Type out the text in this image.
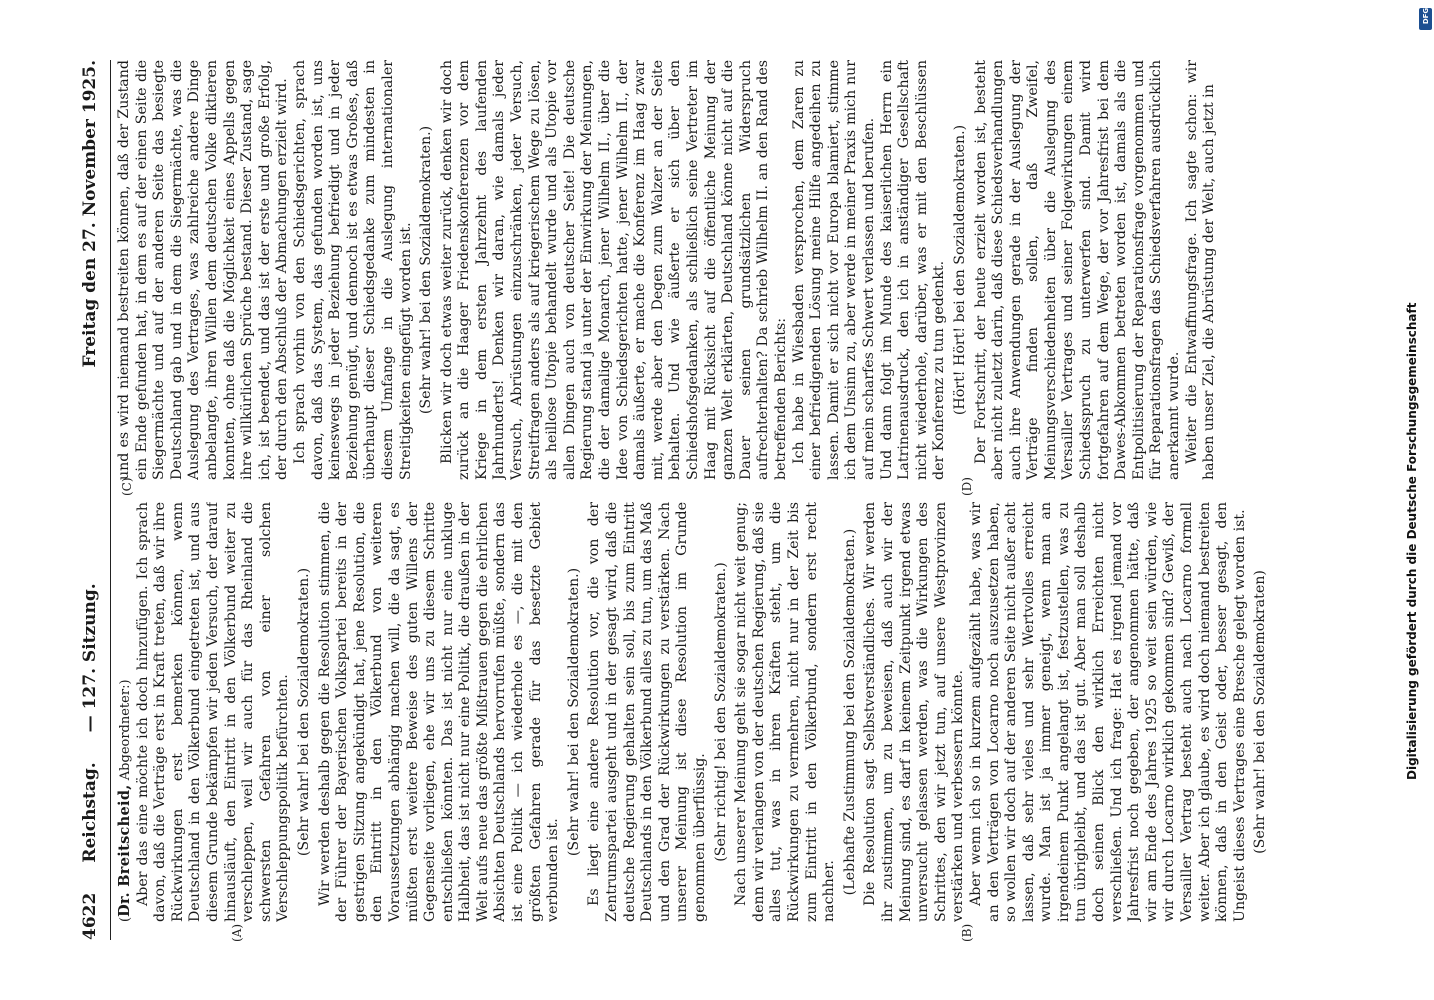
4622
Reichstag.
— 127. Sitzung.
Freitag den 27. November 1925.
(A)	(B)
(C)	(D)

(Dr. Breitscheid, Abgeordneter:) Aber das eine möchte ich doch hinzufügen. Ich sprach davon, daß die Verträge erst in Kraft treten, daß wir ihre Rückwirkungen erst bemerken können, wenn Deutschland in den Völkerbund eingetreten ist, und aus diesem Grunde bekämpfen wir jeden Versuch, der darauf hinausläuft, den Eintritt in den Völkerbund weiter zu verschleppen, weil wir auch für das Rheinland die schwersten Gefahren von einer solchen Verschleppungspolitik befürchten. (Sehr wahr! bei den Sozialdemokraten.) Wir werden deshalb gegen die Resolution stimmen, die der Führer der Bayerischen Volkspartei bereits in der gestrigen Sitzung angekündigt hat, jene Resolution, die den Eintritt in den Völkerbund von weiteren Voraussetzungen abhängig machen will, die da sagt, es müßten erst weitere Beweise des guten Willens der Gegenseite vorliegen, ehe wir uns zu diesem Schritte entschließen könnten. Das ist nicht nur eine unkluge Halbheit, das ist nicht nur eine Politik, die draußen in der Welt aufs neue das größte Mißtrauen gegen die ehrlichen Absichten Deutschlands hervorrufen müßte, sondern das ist eine Politik — ich wiederhole es —, die mit den größten Gefahren gerade für das besetzte Gebiet verbunden ist.

(Sehr wahr! bei den Sozialdemokraten.) Es liegt eine andere Resolution vor, die von der Zentrumspartei ausgeht und in der gesagt wird, daß die deutsche Regierung gehalten sein soll, bis zum Eintritt Deutschlands in den Völkerbund alles zu tun, um das Maß und den Grad der Rückwirkungen zu verstärken. Nach unserer Meinung ist diese Resolution im Grunde genommen überflüssig. (Sehr richtig! bei den Sozialdemokraten.) Nach unserer Meinung geht sie sogar nicht weit genug; denn wir verlangen von der deutschen Regierung, daß sie alles tut, was in ihren Kräften steht, um die Rückwirkungen zu vermehren, nicht nur in der Zeit bis zum Eintritt in den Völkerbund, sondern erst recht nachher. (Lebhafte Zustimmung bei den Sozialdemokraten.) Die Resolution sagt Selbstverständliches. Wir werden ihr zustimmen, um zu beweisen, daß auch wir der Meinung sind, es darf in keinem Zeitpunkt irgend etwas unversucht gelassen werden, was die Wirkungen des Schrittes, den wir jetzt tun, auf unsere Westprovinzen verstärken und verbessern könnte. Aber wenn ich so in kurzem aufgezählt habe, was wir an den Verträgen von Locarno noch auszusetzen haben, so wollen wir doch auf der anderen Seite nicht außer acht lassen, daß sehr vieles und sehr Wertvolles erreicht wurde. Man ist ja immer geneigt, wenn man an irgendeinem Punkt angelangt ist, festzustellen, was zu tun übrigbleibt, und das ist gut. Aber man soll deshalb doch seinen Blick den wirklich Erreichten nicht verschließen. Und ich frage: Hat es irgend jemand vor Jahresfrist noch gegeben, der angenommen hätte, daß wir am Ende des Jahres 1925 so weit sein würden, wie wir durch Locarno wirklich gekommen sind? Gewiß, der Versailler Vertrag besteht auch nach Locarno formell weiter. Aber ich glaube, es wird doch niemand bestreiten können, daß in den Geist oder, besser gesagt, den Ungeist dieses Vertrages eine Bresche gelegt worden ist. (Sehr wahr! bei den Sozialdemokraten)

und es wird niemand bestreiten können, daß der Zustand ein Ende gefunden hat, in dem es auf der einen Seite die Siegermächte und auf der anderen Seite das besiegte Deutschland gab und in dem die Siegermächte, was die Auslegung des Vertrages, was zahlreiche andere Dinge anbelangte, ihren Willen dem deutschen Volke diktieren konnten, ohne daß die Möglichkeit eines Appells gegen ihre willkürlichen Sprüche bestand. Dieser Zustand, sage ich, ist beendet, und das ist der erste und große Erfolg, der durch den Abschluß der Abmachungen erzielt wird. Ich sprach vorhin von den Schiedsgerichten, sprach davon, daß das System, das gefunden worden ist, uns keineswegs in jeder Beziehung befriedigt und in jeder Beziehung genügt, und dennoch ist es etwas Großes, daß überhaupt dieser Schiedsgedanke zum mindesten in diesem Umfange in die Auslegung internationaler Streitigkeiten eingefügt worden ist. (Sehr wahr! bei den Sozialdemokraten.) Blicken wir doch etwas weiter zurück, denken wir doch zurück an die Haager Friedenskonferenzen vor dem Kriege in dem ersten Jahrzehnt des laufenden Jahrhunderts! Denken wir daran, wie damals jeder Versuch, Abrüstungen einzuschränken, jeder Versuch, Streitfragen anders als auf kriegerischem Wege zu lösen, als heillose Utopie behandelt wurde und als Utopie vor allen Dingen auch von deutscher Seite! Die deutsche Regierung stand ja unter der Einwirkung der Meinungen, die der damalige Monarch, jener Wilhelm II., über die Idee von Schiedsgerichten hatte, jener Wilhelm II., der damals äußerte, er mache die Konferenz im Haag zwar mit, werde aber den Degen zum Walzer an der Seite behalten. Und wie äußerte er sich über den Schiedshofsgedanken, als schließlich seine Vertreter im Haag mit Rücksicht auf die öffentliche Meinung der ganzen Welt erklärten, Deutschland könne nicht auf die Dauer seinen grundsätzlichen Widerspruch aufrechterhalten? Da schrieb Wilhelm II. an den Rand des betreffenden Berichts: Ich habe in Wiesbaden versprochen, dem Zaren zu einer befriedigenden Lösung meine Hilfe angedeihen zu lassen. Damit er sich nicht vor Europa blamiert, stimme ich dem Unsinn zu, aber werde in meiner Praxis mich nur auf mein scharfes Schwert verlassen und berufen. Und dann folgt im Munde des kaiserlichen Herrn ein Latrinenausdruck, den ich in anständiger Gesellschaft nicht wiederhole, darüber, was er mit den Beschlüssen der Konferenz zu tun gedenkt. (Hört! Hört! bei den Sozialdemokraten.) Der Fortschritt, der heute erzielt worden ist, besteht aber nicht zuletzt darin, daß diese Schiedsverhandlungen auch ihre Anwendungen gerade in der Auslegung der Verträge finden sollen, daß Zweifel, Meinungsverschiedenheiten über die Auslegung des Versailler Vertrages und seiner Folgewirkungen einem Schiedsspruch zu unterwerfen sind. Damit wird fortgefahren auf dem Wege, der vor Jahresfrist bei dem Dawes-Abkommen betreten worden ist, damals als die Entpolitisierung der Reparationsfrage vorgenommen und für Reparationsfragen das Schiedsverfahren ausdrücklich anerkannt wurde. Weiter die Entwaffnungsfrage. Ich sagte schon: wir haben unser Ziel, die Abrüstung der Welt, auch jetzt in

Digitalisierung gefördert durch die Deutsche Forschungsgemeinschaft
DFG
